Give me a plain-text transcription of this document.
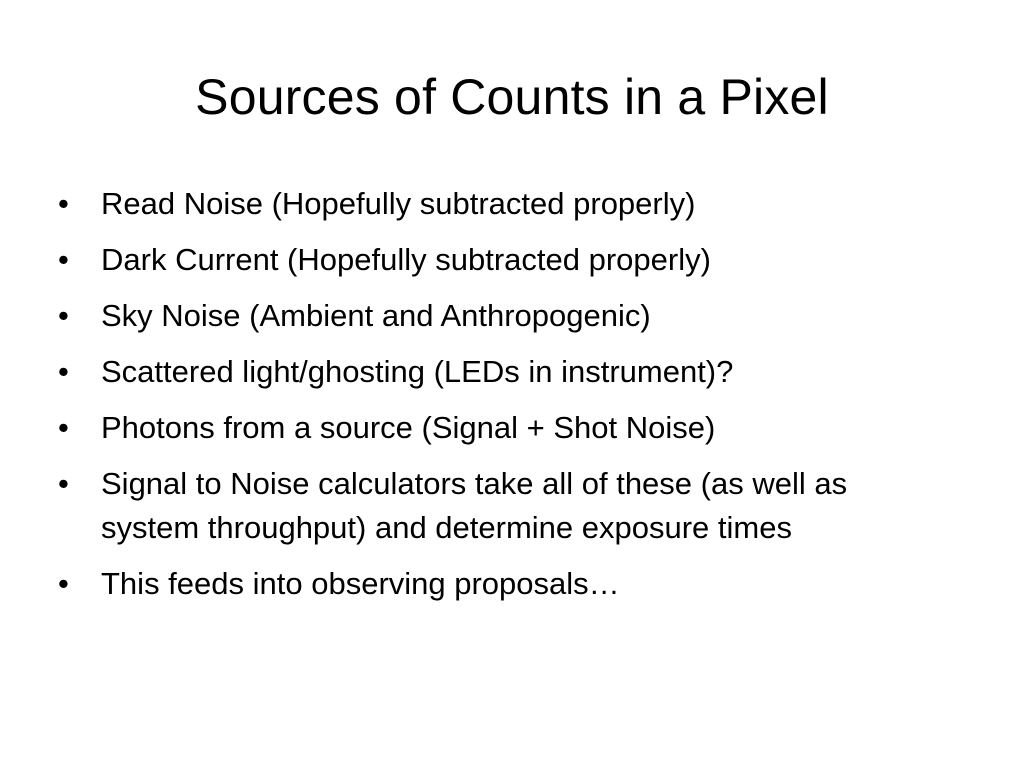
Sources of Counts in a Pixel
• Read Noise (Hopefully subtracted properly)
• Dark Current (Hopefully subtracted properly)
• Sky Noise (Ambient and Anthropogenic)
• Scattered light/ghosting (LEDs in instrument)?
• Photons from a source (Signal + Shot Noise)
• Signal to Noise calculators take all of these (as well as system throughput) and determine exposure times
• This feeds into observing proposals…
